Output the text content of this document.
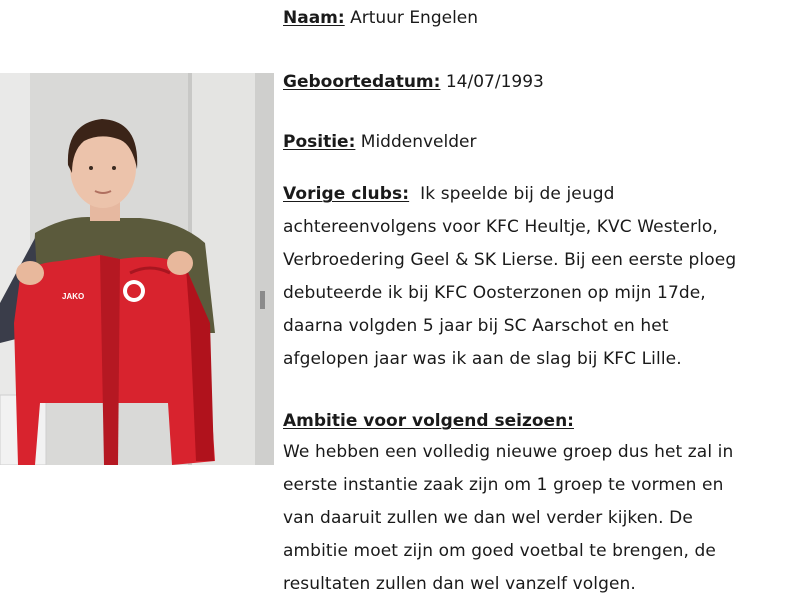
JAKO
Naam: Artuur Engelen
Geboortedatum: 14/07/1993
Positie: Middenvelder
Vorige clubs: Ik speelde bij de jeugd
achtereenvolgens voor KFC Heultje, KVC Westerlo,
Verbroedering Geel & SK Lierse. Bij een eerste ploeg
debuteerde ik bij KFC Oosterzonen op mijn 17de,
daarna volgden 5 jaar bij SC Aarschot en het
afgelopen jaar was ik aan de slag bij KFC Lille.
Ambitie voor volgend seizoen:
We hebben een volledig nieuwe groep dus het zal in
eerste instantie zaak zijn om 1 groep te vormen en
van daaruit zullen we dan wel verder kijken. De
ambitie moet zijn om goed voetbal te brengen, de
resultaten zullen dan wel vanzelf volgen.
